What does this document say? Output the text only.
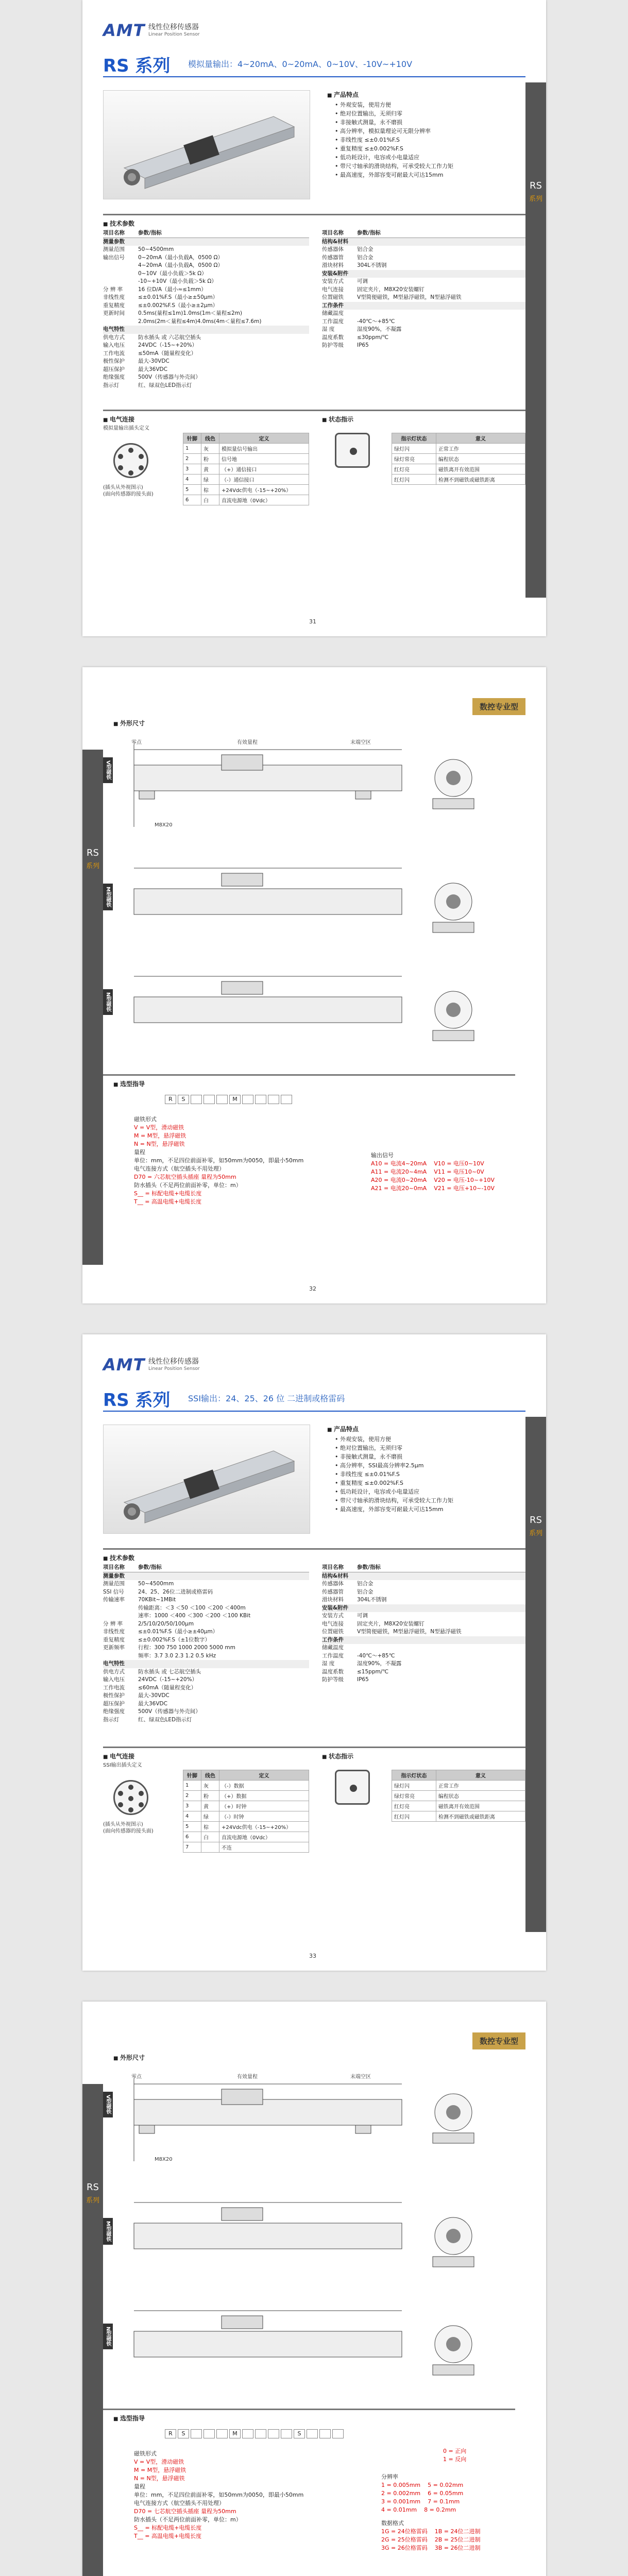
AMT 线性位移传感器
Linear Position Sensor
RS 系列 模拟量输出：4~20mA、0~20mA、0~10V、-10V~+10V
■ 产品特点
• 外观安装，使用方便
• 绝对位置输出，无须归零
• 非接触式测量，永不磨损
• 高分辨率，模拟量理论可无限分辨率
• 非线性度 ≤±0.01%F.S
• 重复精度 ≤±0.002%F.S
• 低功耗设计，电容或小电量适应
• 带尺寸轴承的滑块结构，可承受较大工作力矩
• 最高速度，外部容变可耐最大可达15mm
■ 技术参数
项目名称	参数/指标
测量参数
测量范围	50~4500mm
输出信号	0~20mA（最小负载A，0500 Ω）
4~20mA（最小负载A，0500 Ω）
0~10V（最小负载＞5k Ω）
-10~+10V（最小负载＞5k Ω）
分 辨 率	16 位D/A（最小≈≤1mm）
非线性度	≤±0.01%F.S（最小≥±50μm）
重复精度	≤±0.002%F.S（最小≥±2μm）
更新时间	0.5ms(量程≤1m)1.0ms(1m＜量程≤2m)
2.0ms(2m＜量程≤4m)4.0ms(4m＜量程≤7.6m)
电气特性
供电方式	防水插头 或 六芯航空插头
输入电压	24VDC（-15~+20%）
工作电流	≤50mA（随量程变化）
极性保护	最大-30VDC
超压保护	最大36VDC
绝缘强度	500V（传感器与外壳间）
指示灯	红、绿双色LED指示灯
项目名称	参数/指标
结构&材料
传感器体	铝合金
传感器管	铝合金
滑块材料	304L不锈钢
安装&附件
安装方式	可调
电气连接	固定夹片，M8X20安装螺钉
位置磁铁	V型简便磁铁，M型悬浮磁铁，N型悬浮磁铁
工作条件
储藏温度
工作温度	-40℃～+85℃
湿 度	湿度90%，不凝露
温度系数	≤30ppm/℃
防护等级	IP65
■ 电气连接
模拟量输出插头定义
(插头从外视图示)
(面向传感器的接头面)
针脚	线色	定义
1	灰	模拟量信号输出
2	粉	信号地
3	黄	（+）通信接口
4	绿	（-）通信接口
5	棕	+24Vdc供电（-15~+20%）
6	白	直流电源地（0Vdc）
■ 状态指示
指示灯状态	意义
绿灯闪	正常工作
绿灯常亮	编程状态
红灯亮	磁铁离开有效范围
红灯闪	检测不到磁铁或磁铁距离
31
RS
系列
数控专业型
■ 外形尺寸
V型磁铁
零点	有效量程	末端空区
M8X20
M型磁铁
N型磁铁
■ 选型指导
R	S	M
磁铁形式
V = V型，滑动磁铁
M = M型，悬浮磁铁
N = N型，悬浮磁铁
量程
单位：mm，不足四位前面补零，如50mm为0050，即最小50mm
电气连接方式（航空插头不用处理）
D70 = 六芯航空插头插座 量程为50mm
防水插头（不足两位前面补零，单位：m）
S__ = 标配电缆+电缆长度
T__ = 高温电缆+电缆长度
输出信号
A10 = 电流4~20mA V10 = 电压0~10V
A11 = 电流20~4mA V11 = 电压10~0V
A20 = 电流0~20mA V20 = 电压-10~+10V
A21 = 电流20~0mA V21 = 电压+10~-10V
32
RS
系列
AMT 线性位移传感器
Linear Position Sensor
RS 系列 SSI输出：24、25、26 位 二进制或格雷码
■ 产品特点
• 外观安装，使用方便
• 绝对位置输出，无须归零
• 非接触式测量，永不磨损
• 高分辨率，SSI最高分辨率2.5μm
• 非线性度 ≤±0.01%F.S
• 重复精度 ≤±0.002%F.S
• 低功耗设计，电容或小电量适应
• 带尺寸轴承的滑块结构，可承受较大工作力矩
• 最高速度，外部容变可耐最大可达15mm
■ 技术参数
项目名称	参数/指标
测量参数
测量范围	50~4500mm
SSI 信号	24、25、26位二进制或格雷码
传输速率	70KBit~1MBit
传输距离：＜3 ＜50 ＜100 ＜200 ＜400m
速率：1000 ＜400 ＜300 ＜200 ＜100 KBit
分 辨 率	2/5/10/20/50/100μm
非线性度	≤±0.01%F.S（最小≥±40μm）
重复精度	≤±0.002%F.S（±1位数字）
更新频率	行程：300 750 1000 2000 5000 mm
频率：3.7 3.0 2.3 1.2 0.5 kHz
电气特性
供电方式	防水插头 或 七芯航空插头
输入电压	24VDC（-15~+20%）
工作电流	≤60mA（随量程变化）
极性保护	最大-30VDC
超压保护	最大36VDC
绝缘强度	500V（传感器与外壳间）
指示灯	红、绿双色LED指示灯
项目名称	参数/指标
结构&材料
传感器体	铝合金
传感器管	铝合金
滑块材料	304L不锈钢
安装&附件
安装方式	可调
电气连接	固定夹片，M8X20安装螺钉
位置磁铁	V型简便磁铁，M型悬浮磁铁，N型悬浮磁铁
工作条件
储藏温度
工作温度	-40℃～+85℃
湿 度	湿度90%，不凝露
温度系数	≤15ppm/℃
防护等级	IP65
■ 电气连接
SSI输出插头定义
(插头从外视图示)
(面向传感器的接头面)
针脚	线色	定义
1	灰	（-）数据
2	粉	（+）数据
3	黄	（+）时钟
4	绿	（-）时钟
5	棕	+24Vdc供电（-15~+20%）
6	白	直流电源地（0Vdc）
7		不连
■ 状态指示
指示灯状态	意义
绿灯闪	正常工作
绿灯常亮	编程状态
红灯亮	磁铁离开有效范围
红灯闪	检测不到磁铁或磁铁距离
33
RS
系列
数控专业型
■ 外形尺寸
V型磁铁
零点	有效量程	末端空区
M8X20
M型磁铁
N型磁铁
■ 选型指导
R	S	M	S
磁铁形式
V = V型，滑动磁铁
M = M型，悬浮磁铁
N = N型，悬浮磁铁
量程
单位：mm，不足四位前面补零，如50mm为0050，即最小50mm
电气连接方式（航空插头不用处理）
D70 = 七芯航空插头插座 量程为50mm
防水插头（不足两位前面补零，单位：m）
S__ = 标配电缆+电缆长度
T__ = 高温电缆+电缆长度
0 = 正向
1 = 反向
分辨率
1 = 0.005mm 5 = 0.02mm
2 = 0.002mm 6 = 0.05mm
3 = 0.001mm 7 = 0.1mm
4 = 0.01mm 8 = 0.2mm
数据格式
1G = 24位格雷码 1B = 24位二进制
2G = 25位格雷码 2B = 25位二进制
3G = 26位格雷码 3B = 26位二进制
RS
系列
